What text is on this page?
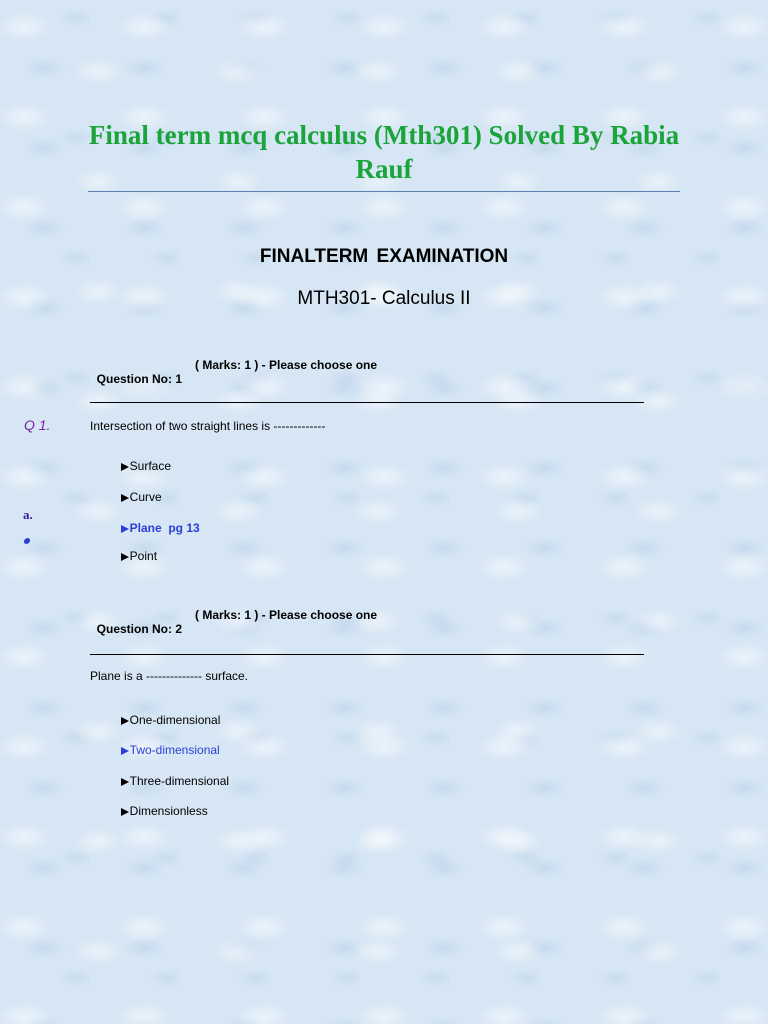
Final term mcq calculus (Mth301) Solved By Rabia Rauf
FINALTERM EXAMINATION
MTH301- Calculus II

Question No: 1

( Marks: 1 ) - Please choose one

Q 1.	Intersection of two straight lines is -------------

Surface

Curve

a.

Plane  pg 13

Point

Question No: 2

( Marks: 1 ) - Please choose one

Plane is a -------------- surface.

One-dimensional

Two-dimensional

Three-dimensional

Dimensionless
